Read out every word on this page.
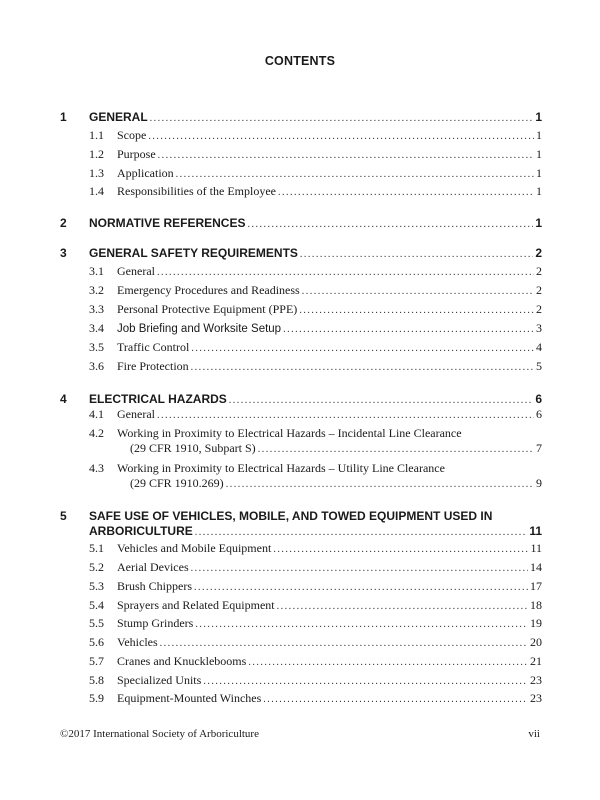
CONTENTS
1 GENERAL .....	1
1.1 Scope .....	1
1.2 Purpose .....	1
1.3 Application .....	1
1.4 Responsibilities of the Employee .....	1
2 NORMATIVE REFERENCES .....	1
3 GENERAL SAFETY REQUIREMENTS .....	2
3.1 General .....	2
3.2 Emergency Procedures and Readiness .....	2
3.3 Personal Protective Equipment (PPE) .....	2
3.4 Job Briefing and Worksite Setup .....	3
3.5 Traffic Control .....	4
3.6 Fire Protection .....	5
4 ELECTRICAL HAZARDS .....	6
4.1 General .....	6
4.2 Working in Proximity to Electrical Hazards – Incidental Line Clearance
(29 CFR 1910, Subpart S) .....	7
4.3 Working in Proximity to Electrical Hazards – Utility Line Clearance
(29 CFR 1910.269) .....	9
5 SAFE USE OF VEHICLES, MOBILE, AND TOWED EQUIPMENT USED IN
ARBORICULTURE .....	11
5.1 Vehicles and Mobile Equipment .....	11
5.2 Aerial Devices .....	14
5.3 Brush Chippers .....	17
5.4 Sprayers and Related Equipment .....	18
5.5 Stump Grinders .....	19
5.6 Vehicles .....	20
5.7 Cranes and Knucklebooms .....	21
5.8 Specialized Units .....	23
5.9 Equipment-Mounted Winches .....	23
©2017 International Society of Arboriculture	vii
